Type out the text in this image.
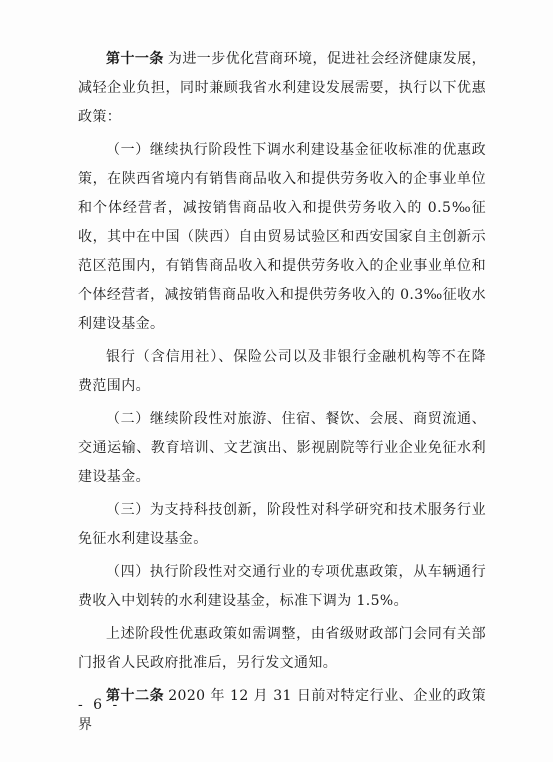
第十一条 为进一步优化营商环境，促进社会经济健康发展，减轻企业负担，同时兼顾我省水利建设发展需要，执行以下优惠政策：

（一）继续执行阶段性下调水利建设基金征收标准的优惠政策，在陕西省境内有销售商品收入和提供劳务收入的企事业单位和个体经营者，减按销售商品收入和提供劳务收入的 0.5‰征收，其中在中国（陕西）自由贸易试验区和西安国家自主创新示范区范围内，有销售商品收入和提供劳务收入的企业事业单位和个体经营者，减按销售商品收入和提供劳务收入的 0.3‰征收水利建设基金。

银行（含信用社）、保险公司以及非银行金融机构等不在降费范围内。

（二）继续阶段性对旅游、住宿、餐饮、会展、商贸流通、交通运输、教育培训、文艺演出、影视剧院等行业企业免征水利建设基金。

（三）为支持科技创新，阶段性对科学研究和技术服务行业免征水利建设基金。

（四）执行阶段性对交通行业的专项优惠政策，从车辆通行费收入中划转的水利建设基金，标准下调为 1.5%。

上述阶段性优惠政策如需调整，由省级财政部门会同有关部门报省人民政府批准后，另行发文通知。

第十二条 2020 年 12 月 31 日前对特定行业、企业的政策界

- 6 -
